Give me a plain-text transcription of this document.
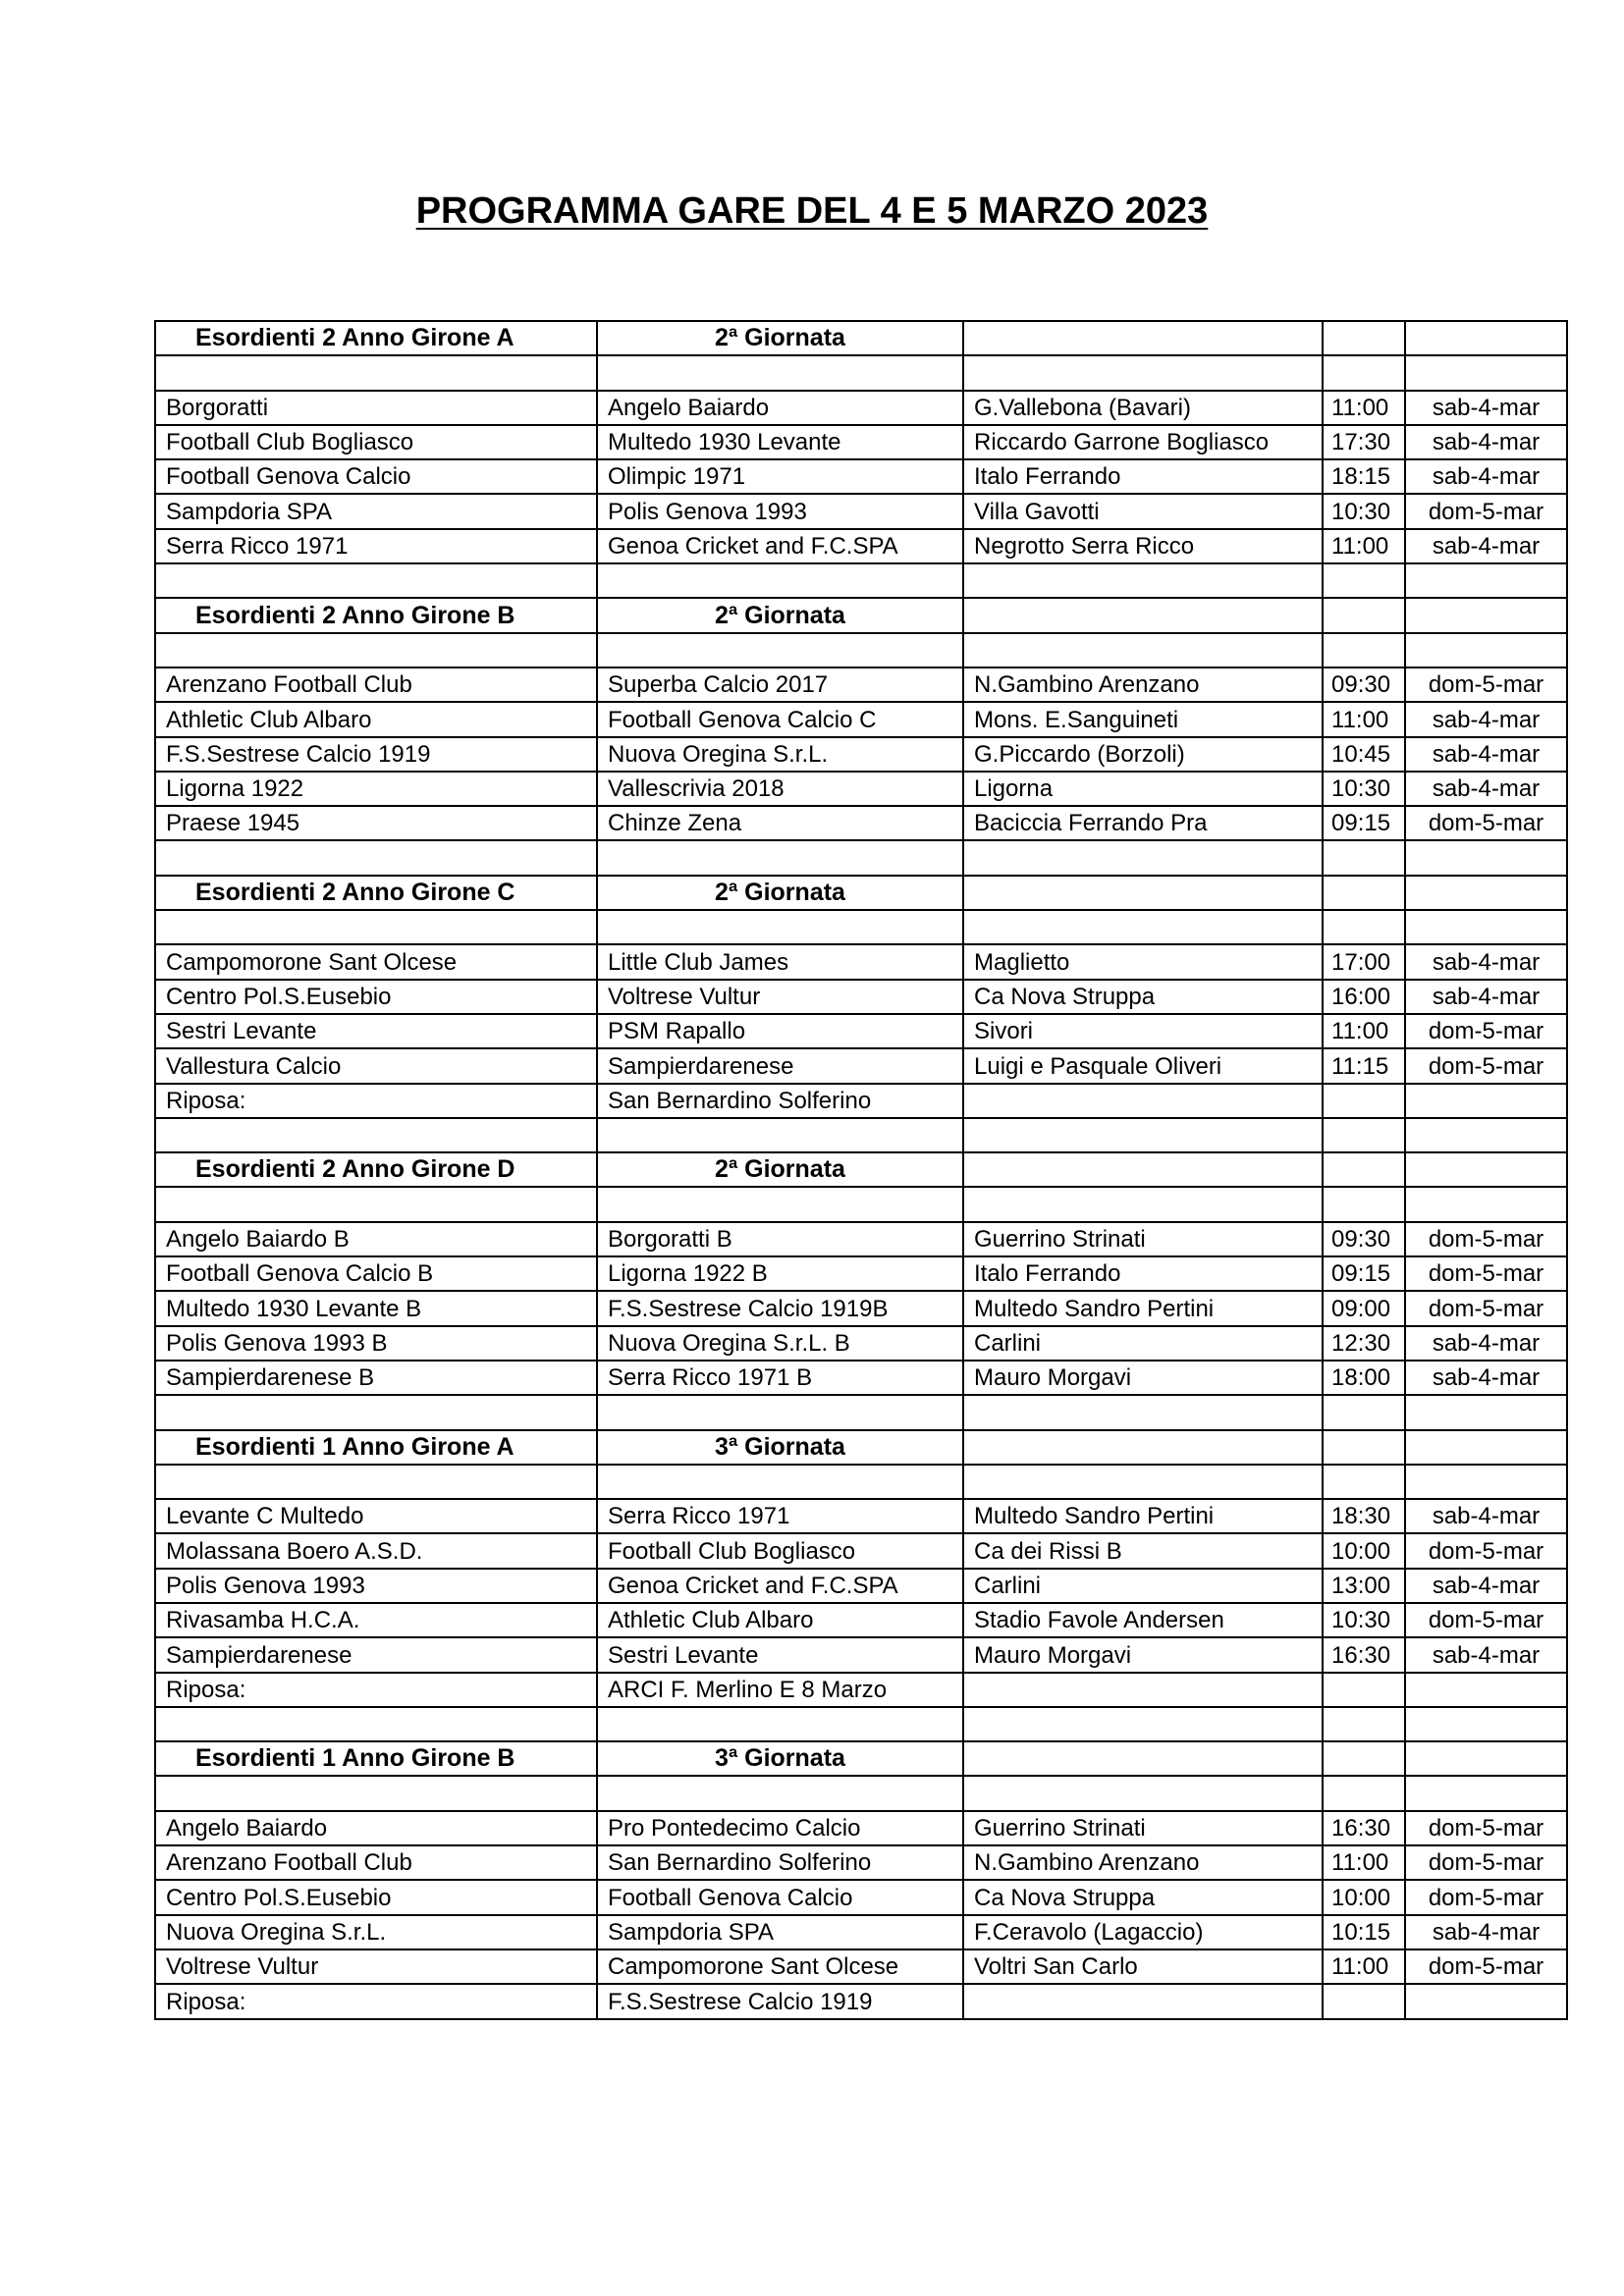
PROGRAMMA GARE DEL 4 E 5 MARZO 2023
Esordienti 2 Anno Girone A	2ª Giornata			

Borgoratti	Angelo Baiardo	G.Vallebona (Bavari)	11:00	sab-4-mar
Football Club Bogliasco	Multedo 1930 Levante	Riccardo Garrone Bogliasco	17:30	sab-4-mar
Football Genova Calcio	Olimpic 1971	Italo Ferrando	18:15	sab-4-mar
Sampdoria SPA	Polis Genova 1993	Villa Gavotti	10:30	dom-5-mar
Serra Ricco 1971	Genoa Cricket and F.C.SPA	Negrotto Serra Ricco	11:00	sab-4-mar

Esordienti 2 Anno Girone B	2ª Giornata			

Arenzano Football Club	Superba Calcio 2017	N.Gambino Arenzano	09:30	dom-5-mar
Athletic Club Albaro	Football Genova Calcio C	Mons. E.Sanguineti	11:00	sab-4-mar
F.S.Sestrese Calcio 1919	Nuova Oregina S.r.L.	G.Piccardo (Borzoli)	10:45	sab-4-mar
Ligorna 1922	Vallescrivia 2018	Ligorna	10:30	sab-4-mar
Praese 1945	Chinze Zena	Baciccia Ferrando Pra	09:15	dom-5-mar

Esordienti 2 Anno Girone C	2ª Giornata			

Campomorone Sant Olcese	Little Club James	Maglietto	17:00	sab-4-mar
Centro Pol.S.Eusebio	Voltrese Vultur	Ca Nova Struppa	16:00	sab-4-mar
Sestri Levante	PSM Rapallo	Sivori	11:00	dom-5-mar
Vallestura Calcio	Sampierdarenese	Luigi e Pasquale Oliveri	11:15	dom-5-mar
Riposa:	San Bernardino Solferino			

Esordienti 2 Anno Girone D	2ª Giornata			

Angelo Baiardo B	Borgoratti B	Guerrino Strinati	09:30	dom-5-mar
Football Genova Calcio B	Ligorna 1922 B	Italo Ferrando	09:15	dom-5-mar
Multedo 1930 Levante B	F.S.Sestrese Calcio 1919B	Multedo Sandro Pertini	09:00	dom-5-mar
Polis Genova 1993 B	Nuova Oregina S.r.L. B	Carlini	12:30	sab-4-mar
Sampierdarenese B	Serra Ricco 1971 B	Mauro Morgavi	18:00	sab-4-mar

Esordienti 1 Anno Girone A	3ª Giornata			

Levante C Multedo	Serra Ricco 1971	Multedo Sandro Pertini	18:30	sab-4-mar
Molassana Boero A.S.D.	Football Club Bogliasco	Ca dei Rissi B	10:00	dom-5-mar
Polis Genova 1993	Genoa Cricket and F.C.SPA	Carlini	13:00	sab-4-mar
Rivasamba H.C.A.	Athletic Club Albaro	Stadio Favole Andersen	10:30	dom-5-mar
Sampierdarenese	Sestri Levante	Mauro Morgavi	16:30	sab-4-mar
Riposa:	ARCI F. Merlino E 8 Marzo			

Esordienti 1 Anno Girone B	3ª Giornata			

Angelo Baiardo	Pro Pontedecimo Calcio	Guerrino Strinati	16:30	dom-5-mar
Arenzano Football Club	San Bernardino Solferino	N.Gambino Arenzano	11:00	dom-5-mar
Centro Pol.S.Eusebio	Football Genova Calcio	Ca Nova Struppa	10:00	dom-5-mar
Nuova Oregina S.r.L.	Sampdoria SPA	F.Ceravolo (Lagaccio)	10:15	sab-4-mar
Voltrese Vultur	Campomorone Sant Olcese	Voltri San Carlo	11:00	dom-5-mar
Riposa:	F.S.Sestrese Calcio 1919			
